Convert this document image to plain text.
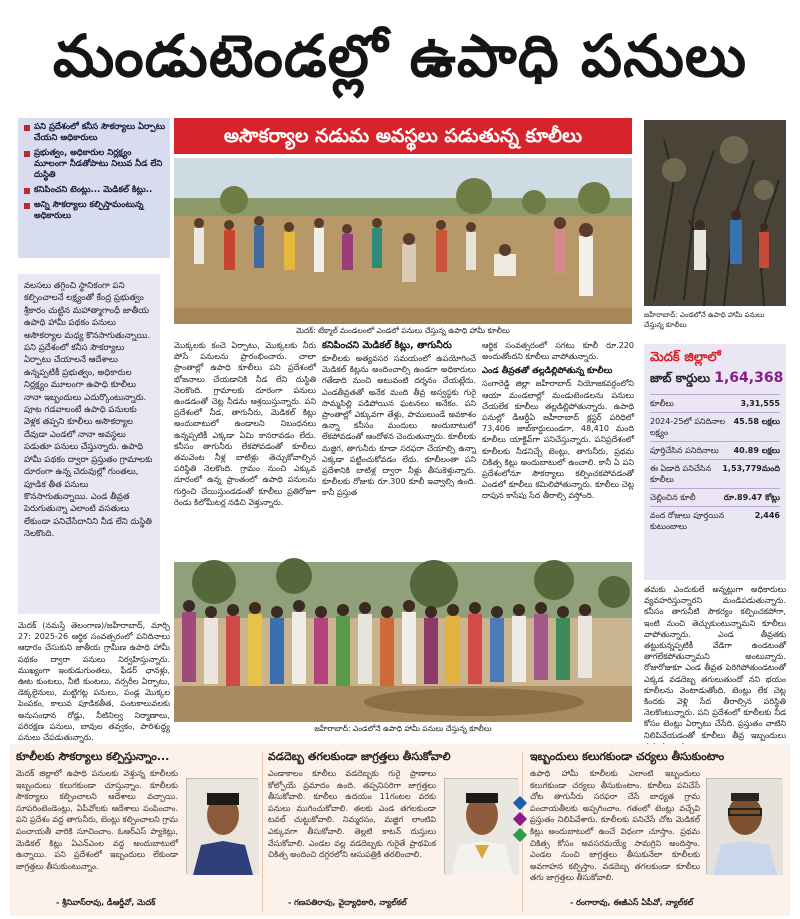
మండుటెండల్లో ఉపాధి పనులు
పని ప్రదేశంలో కనీస సౌకర్యాలు ఏర్పాటు చేయని అధికారులు
ప్రభుత్వం, అధికారుల నిర్లక్ష్యం మూలంగా నీడతోపాటు నిలువ నీడ లేని దుస్థితి
కనిపించని టెంట్లు... మెడికల్ కిట్లు..
అన్ని సౌకర్యాలు కల్పిస్తామంటున్న అధికారులు
అసౌకర్యాల నడుమ అవస్థలు పడుతున్న కూలీలు
మెదక్: టేక్మాల్ మండలంలో ఎండలో పనులు చేస్తున్న ఉపాధి హామీ కూలీలు
జహీరాబాద్: ఎండలోనే ఉపాధి హామీ పనులు చేస్తున్న కూలీలు
వలసలు తగ్గించి స్థానికంగా పని కల్పించాలనే లక్ష్యంతో కేంద్ర ప్రభుత్వం శ్రీకారం చుట్టిన మహాత్మాగాంధీ జాతీయ ఉపాధి హామీ పథకం పనులు అసౌకర్యాల మధ్య కొనసాగుతున్నాయి. పని ప్రదేశంలో కనీస సౌకర్యాలు ఏర్పాటు చేయాలనే ఆదేశాలు ఉన్నప్పటికీ ప్రభుత్వం, అధికారుల నిర్లక్ష్యం మూలంగా ఉపాధి కూలీలు నానా ఇబ్బందులు ఎదుర్కొంటున్నారు. పూట గడవాలంటే ఉపాధి పనులకు వెళ్లక తప్పని కూలీలు అసౌకర్యాల దేవుడా ఎండలో నానా అవస్థలు పడుతూ పనులు చేస్తున్నారు. ఉపాధి హామీ పథకం ద్వారా ప్రస్తుతం గ్రామాలకు దూరంగా ఉన్న చెరువుల్లో గుంతలు, పూడిక తీత పనులు కొనసాగుతున్నాయి. ఎండ తీవ్రత పెరుగుతున్నా ఎలాంటి వసతులు లేకుండా పనిచేసేదానిని నీడ లేని దుస్థితి నెలకొంది.
మొక్కలకు కంచె ఏర్పాటు, మొక్కలకు నీరు పోసే పనులను ప్రారంభించారు. చాలా ప్రాంతాల్లో ఉపాధి కూలీలు పని ప్రదేశంలో భోజనాలు చేయడానికి నీడ లేని దుస్థితి నెలకొంది. గ్రామాలకు దూరంగా పనులు ఉండడంతో చెట్ల నీడను ఆశ్రయిస్తున్నారు. పని ప్రదేశంలో నీడ, తాగునీరు, మెడికల్ కిట్లు అందుబాటులో ఉండాలని నిబంధనలు ఉన్నప్పటికీ ఎక్కడా ఏమి కానరావడం లేదు. కనీసం తాగునీరు లేకపోవడంతో కూలీలు తమవెంట నీళ్ల బాటిళ్లు తెచ్చుకోవాల్సిన పరిస్థితి నెలకొంది. గ్రామం నుంచి ఎక్కువ దూరంలో ఉన్న ప్రాంతంలో ఉపాధి పనులను గుర్తించి చేయిస్తుండడంతో కూలీలు ప్రతిరోజూ రెండు కిలోమీటర్ల నడిచి వెళ్తున్నారు.
కనిపించని మెడికల్ కిట్లు, తాగునీరు
కూలీలకు అత్యవసర సమయంలో ఉపయోగించే మెడికల్ కిట్లను అందించాల్సి ఉండగా అధికారులు గతేడాది నుంచి అటువంటి దర్శనం చేయట్లేదు. ఎండతీవ్రతతో అనేక మంది తీవ్ర అస్వస్థకు గురై సొమ్మసిల్లి పడిపోయిన ఘటనలు అనేకం. పని ప్రాంతాల్లో ఎక్కువగా తేళ్లు, పాములుండే అవకాశం ఉన్నా కనీసం మందులు అందుబాటులో లేకపోవడంతో ఆందోళన చెందుతున్నారు. కూలీలకు మజ్జిగ, తాగునీరు కూడా సరఫరా చేయాల్సి ఉన్నా ఎక్కడా పట్టించుకోవడం లేదు. కూలీలంతా పని ప్రదేశానికి బాటిళ్ల ద్వారా నీళ్లు తీసుకెళ్తున్నారు. కూలీలకు రోజుకు రూ.300 కూలీ ఇవ్వాల్సి ఉంది. కానీ ప్రస్తుత
ఆర్థిక సంవత్సరంలో సగటు కూలీ రూ.220 అందుతోందని కూలీలు వాపోతున్నారు.
ఎండ తీవ్రతతో తల్లడిల్లిపోతున్న కూలీలు
సంగారెడ్డి జిల్లా జహీరాబాద్ నియోజకవర్గంలోని ఆయా మండలాల్లో మండుటెండలను పనులు చేయలేక కూలీలు తల్లడిల్లిపోతున్నారు. ఉపాధి పనుల్లో డీఆర్డీఏ జహీరాబాద్ క్లస్టర్ పరిధిలో 73,406 జాబ్‌కార్డులుండగా, 48,410 మంది కూలీలు యాక్టివ్‌గా పనిచేస్తున్నారు. పనిప్రదేశంలో కూలీలకు నీడనిచ్చే టెంట్లు, తాగునీరు, ప్రథమ చికిత్స కిట్లు అందుబాటులో ఉంచాలి. కానీ ఏ పని ప్రదేశంలోనూ సౌకర్యాలు కల్పించకపోవడంతో ఎండలో కూలీలు కమిలిపోతున్నారు. కూలీలు చెట్ల దాపున కాసేపు సేద తీరాల్సి వస్తోంది.
మెదక్ జిల్లాలో
జాబ్ కార్డులు 1,64,368
కూలీలు	3,31,555
2024-25లో పనిదినాల లక్ష్యం
45.58 లక్షలు
పూర్తిచేసిన పనిదినాలు 40.89 లక్షలు
ఈ ఏడాది పనిచేసిన కూలీలు
1,53,779మంది
చెల్లించిన కూలీ	రూ.89.47 కోట్లు
వంద రోజులు పూర్తయిన కుటుంబాలు
2,446
మెదక్ (నమస్తే తెలంగాణ)/జహీరాబాద్, మార్చి 27: 2025-26 ఆర్థిక సంవత్సరంలో పనిదినాలు ఆధారం చేసుకుని జాతీయ గ్రామీణ ఉపాధి హామీ పథకం ద్వారా పనులు నిర్వహిస్తున్నారు. ముఖ్యంగా ఇంకుడుగుంతలు, ఫీడర్ ఛానళ్లు, ఊట కుంటలు, నీటి కుంటలు, నర్సరీల ఏర్పాటు, డెక్కలైనులు, మట్టిగట్ల పనులు, పండ్ల మొక్కల పెంపకం, కాలువ పూడికతీత, పంటకాలువలకు అనుసంధాన రోడ్లు, నీటినిల్వ నిర్మాణాలు, పరిరక్షణ పనులు, బావుల తవ్వకం, పారిశుద్ధ్య పనులు చేపడుతున్నారు.
జహీరాబాద్: ఎండలోనే ఉపాధి హామీ పనులు చేస్తున్న కూలీలు
తమకు ఎందుకులే అన్నట్లుగా అధికారులు వ్యవహరిస్తున్నారని మండిపడుతున్నారు. కనీసం తాగునీటి సౌకర్యం కల్పించకపోగా, ఇంటి నుంచి తెచ్చుకుంటున్నామని కూలీలు వాపోతున్నారు. ఎండ తీవ్రతకు తట్టుకున్నప్పటికీ వేడిగా ఉండటంతో తాగలేకపోతున్నామని అంటున్నారు. రోజురోజుకూ ఎండ తీవ్రత పెరిగిపోతుండటంతో ఎక్కడ వడదెబ్బ తగులుతుందో నని భయం కూలీలను వెంటాడుతోంది. టెంట్లు లేక చెట్ల కిందకు వెళ్లి సేద తీరాల్సిన పరిస్థితి నెలకొంటున్నారు. పని ప్రదేశంలో కూలీలకు నీడ కోసం టెంట్లు ఏర్పాటు చేసేది. ప్రస్తుతం వాటిని నిలిపివేయడంతో కూలీలు తీవ్ర ఇబ్బందులు
కూలీలకు సౌకర్యాలు కల్పిస్తున్నాం...
మెదక్ జిల్లాలో ఉపాధి పనులకు వెళ్తున్న కూలీలకు ఇబ్బందులు కలుగకుండా చూస్తున్నాం. కూలీలకు సౌకర్యాలు కల్పించాలని ఆదేశాలు వచ్చాయి. సూపరింటెండెంట్లు, ఏపీవోలకు ఆదేశాలు పంపించాం. పని ప్రదేశం వద్ద తాగునీరు, టెంట్లు కల్పించాలని గ్రామ పంచాయతీ వారికి సూచించాం. ఓఆర్ఎస్ ప్యాకెట్లు, మెడికల్ కిట్లు ఏఎన్ఎంల వద్ద అందుబాటులో ఉన్నాయి. పని ప్రదేశంలో ఇబ్బందులు లేకుండా జాగ్రత్తలు తీసుకుంటున్నాం.
- శ్రీనివాస్‌రావు, డీఆర్డీవో, మెదక్
వడదెబ్బ తగలకుండా జాగ్రత్తలు తీసుకోవాలి
ఎండాకాలం కూలీలు వడదెబ్బకు గురై ప్రాణాలు కోల్పోయే ప్రమాదం ఉంది. తప్పనిసరిగా జాగ్రత్తలు తీసుకోవాలి. కూలీలు ఉదయం 11గంటల వరకు పనులు ముగించుకోవాలి. తలకు ఎండ తగలకుండా టవల్ చుట్టుకోవాలి. నిమ్మరసం, మజ్జిగ లాంటివి ఎక్కువగా తీసుకోవాలి. తెల్లటి కాటన్ దుస్తులు వేసుకోవాలి. ఎండల వల్ల వడదెబ్బకు గురైతే ప్రాథమిక చికిత్స అందించి దగ్గరలోని ఆసుపత్రికి తరలించాలి.
- గణపతిరావు, వైద్యాధికారి, న్యాల్‌కల్
ఇబ్బందులు కలుగకుండా చర్యలు తీసుకుంటాం
ఉపాధి హామీ కూలీలకు ఎలాంటి ఇబ్బందులు కలుగకుండా చర్యలు తీసుకుంటాం. కూలీలు పనిచేసే చోట తాగునీరు సరఫరా చేసే బాధ్యత గ్రామ పంచాయతీలకు అప్పగించాం. గతంలో టెంట్లు వచ్చేవి ప్రస్తుతం నిలిపివేశారు. కూలీలకు పనిచేసే చోట మెడికల్ కిట్లు అందుబాటులో ఉంచే విధంగా చూస్తాం. ప్రథమ చికిత్స కోసం అవసరమయ్యే సామగ్రిని అందిస్తాం. ఎండల నుంచి జాగ్రత్తలు తీసుకునేలా కూలీలకు అవగాహన కల్పిస్తాం. వడదెబ్బ తగలకుండా కూలీలు తగు జాగ్రత్తలు తీసుకోవాలి.
- రంగారావు, ఈజీఎస్ ఏపీవో, న్యాల్‌కల్
